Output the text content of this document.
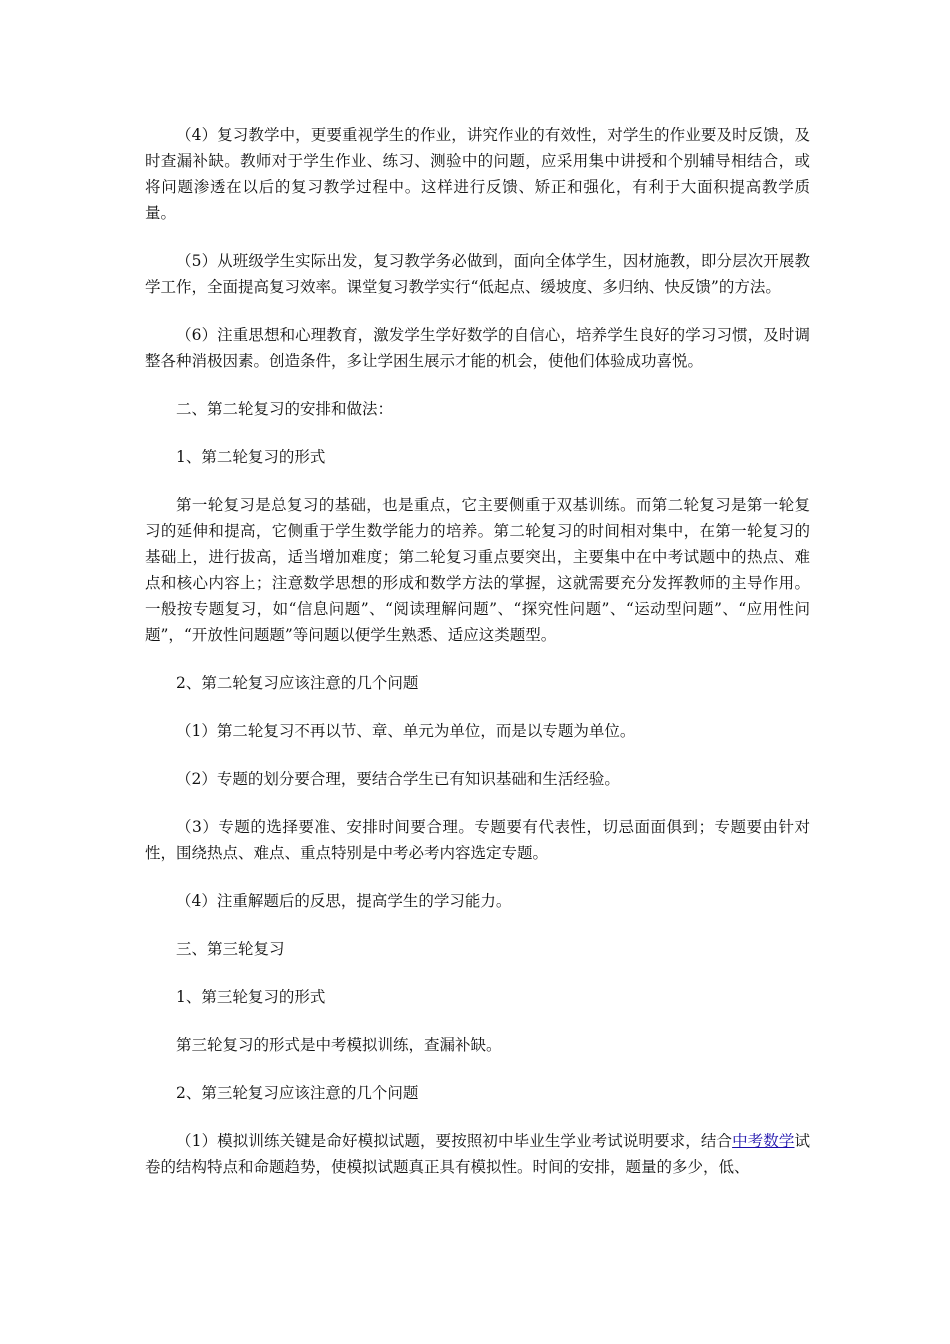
（4）复习教学中，更要重视学生的作业，讲究作业的有效性，对学生的作业要及时反馈，及时查漏补缺。教师对于学生作业、练习、测验中的问题，应采用集中讲授和个别辅导相结合，或将问题渗透在以后的复习教学过程中。这样进行反馈、矫正和强化，有利于大面积提高教学质量。

（5）从班级学生实际出发，复习教学务必做到，面向全体学生，因材施教，即分层次开展教学工作，全面提高复习效率。课堂复习教学实行“低起点、缓坡度、多归纳、快反馈”的方法。

（6）注重思想和心理教育，激发学生学好数学的自信心，培养学生良好的学习习惯，及时调整各种消极因素。创造条件，多让学困生展示才能的机会，使他们体验成功喜悦。

二、第二轮复习的安排和做法：

1、第二轮复习的形式

第一轮复习是总复习的基础，也是重点，它主要侧重于双基训练。而第二轮复习是第一轮复习的延伸和提高，它侧重于学生数学能力的培养。第二轮复习的时间相对集中，在第一轮复习的基础上，进行拔高，适当增加难度；第二轮复习重点要突出，主要集中在中考试题中的热点、难点和核心内容上；注意数学思想的形成和数学方法的掌握，这就需要充分发挥教师的主导作用。一般按专题复习，如“信息问题”、“阅读理解问题”、“探究性问题”、“运动型问题”、“应用性问题”，“开放性问题题”等问题以便学生熟悉、适应这类题型。

2、第二轮复习应该注意的几个问题

（1）第二轮复习不再以节、章、单元为单位，而是以专题为单位。

（2）专题的划分要合理，要结合学生已有知识基础和生活经验。

（3）专题的选择要准、安排时间要合理。专题要有代表性，切忌面面俱到；专题要由针对性，围绕热点、难点、重点特别是中考必考内容选定专题。

（4）注重解题后的反思，提高学生的学习能力。

三、第三轮复习

1、第三轮复习的形式

第三轮复习的形式是中考模拟训练，查漏补缺。

2、第三轮复习应该注意的几个问题

（1）模拟训练关键是命好模拟试题，要按照初中毕业生学业考试说明要求，结合中考数学试卷的结构特点和命题趋势，使模拟试题真正具有模拟性。时间的安排，题量的多少，低、
